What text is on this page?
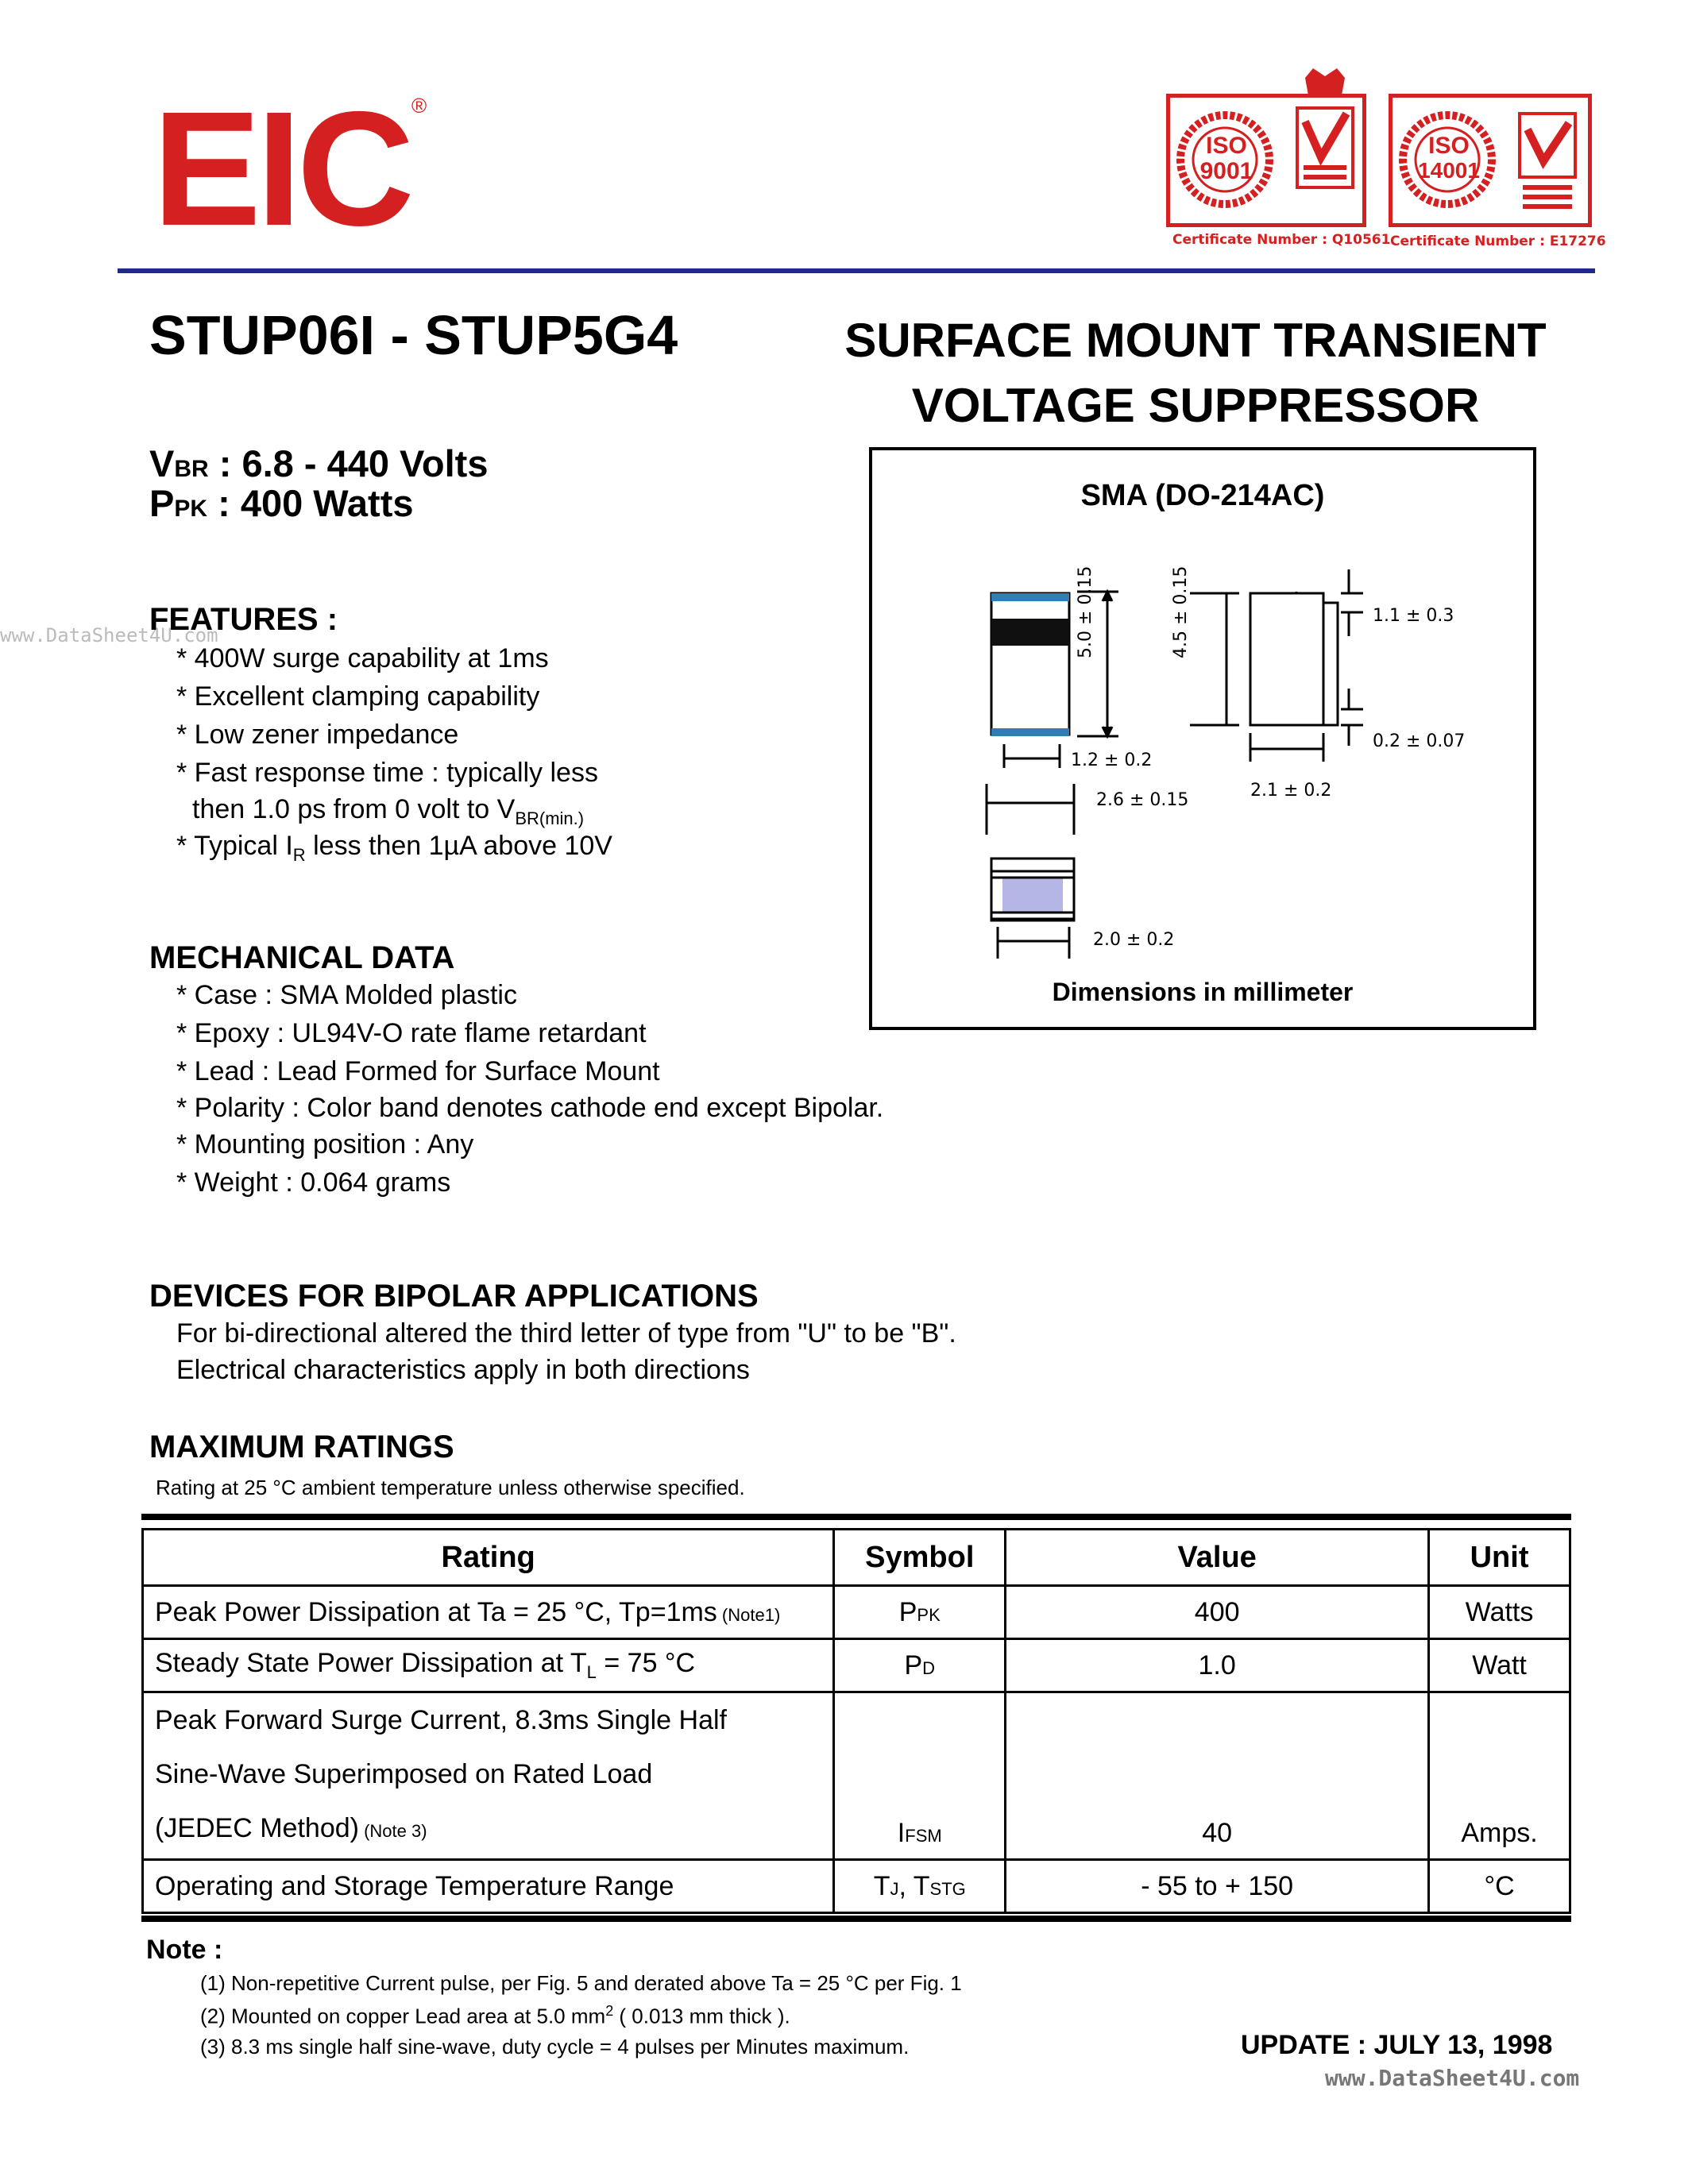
EIC ®
ISO
9001
Certificate Number : Q10561
ISO
14001
Certificate Number : E17276
STUP06I - STUP5G4	SURFACE MOUNT TRANSIENT
VOLTAGE SUPPRESSOR
VBR : 6.8 - 440 Volts
PPK : 400 Watts
www.DataSheet4U.com
FEATURES :
* 400W surge capability at 1ms
* Excellent clamping capability
* Low zener impedance
* Fast response time : typically less
then 1.0 ps from 0 volt to $V_{BR(min.)}$
* Typical $I_R$ less then 1µA above 10V
MECHANICAL DATA
* Case : SMA Molded plastic
* Epoxy : UL94V-O rate flame retardant
* Lead : Lead Formed for Surface Mount
* Polarity : Color band denotes cathode end except Bipolar.
* Mounting position : Any
* Weight : 0.064 grams
DEVICES FOR BIPOLAR APPLICATIONS
For bi-directional altered the third letter of type from "U" to be "B".
Electrical characteristics apply in both directions
SMA (DO-214AC)
5.0 ± 0.15	4.5 ± 0.15	1.1 ± 0.3
0.2 ± 0.07
1.2 ± 0.2
2.6 ± 0.15	2.1 ± 0.2
2.0 ± 0.2
Dimensions in millimeter
MAXIMUM RATINGS
Rating at 25 °C ambient temperature unless otherwise specified.
Rating	Symbol	Value	Unit
Peak Power Dissipation at Ta = 25 °C, Tp=1ms (Note1)	PPK	400	Watts
Steady State Power Dissipation at $T_L = 75$ °C	PD	1.0	Watt

Peak Forward Surge Current, 8.3ms Single Half
Sine-Wave Superimposed on Rated Load
(JEDEC Method) (Note 3)	IFSM	40	Amps.
Operating and Storage Temperature Range	TJ, TSTG	- 55 to + 150	°C
Note :
(1) Non-repetitive Current pulse, per Fig. 5 and derated above Ta = 25 °C per Fig. 1
(2) Mounted on copper Lead area at 5.0 $mm^2$ ( 0.013 mm thick ).
(3) 8.3 ms single half sine-wave, duty cycle = 4 pulses per Minutes maximum.	UPDATE : JULY 13, 1998
www.DataSheet4U.com
